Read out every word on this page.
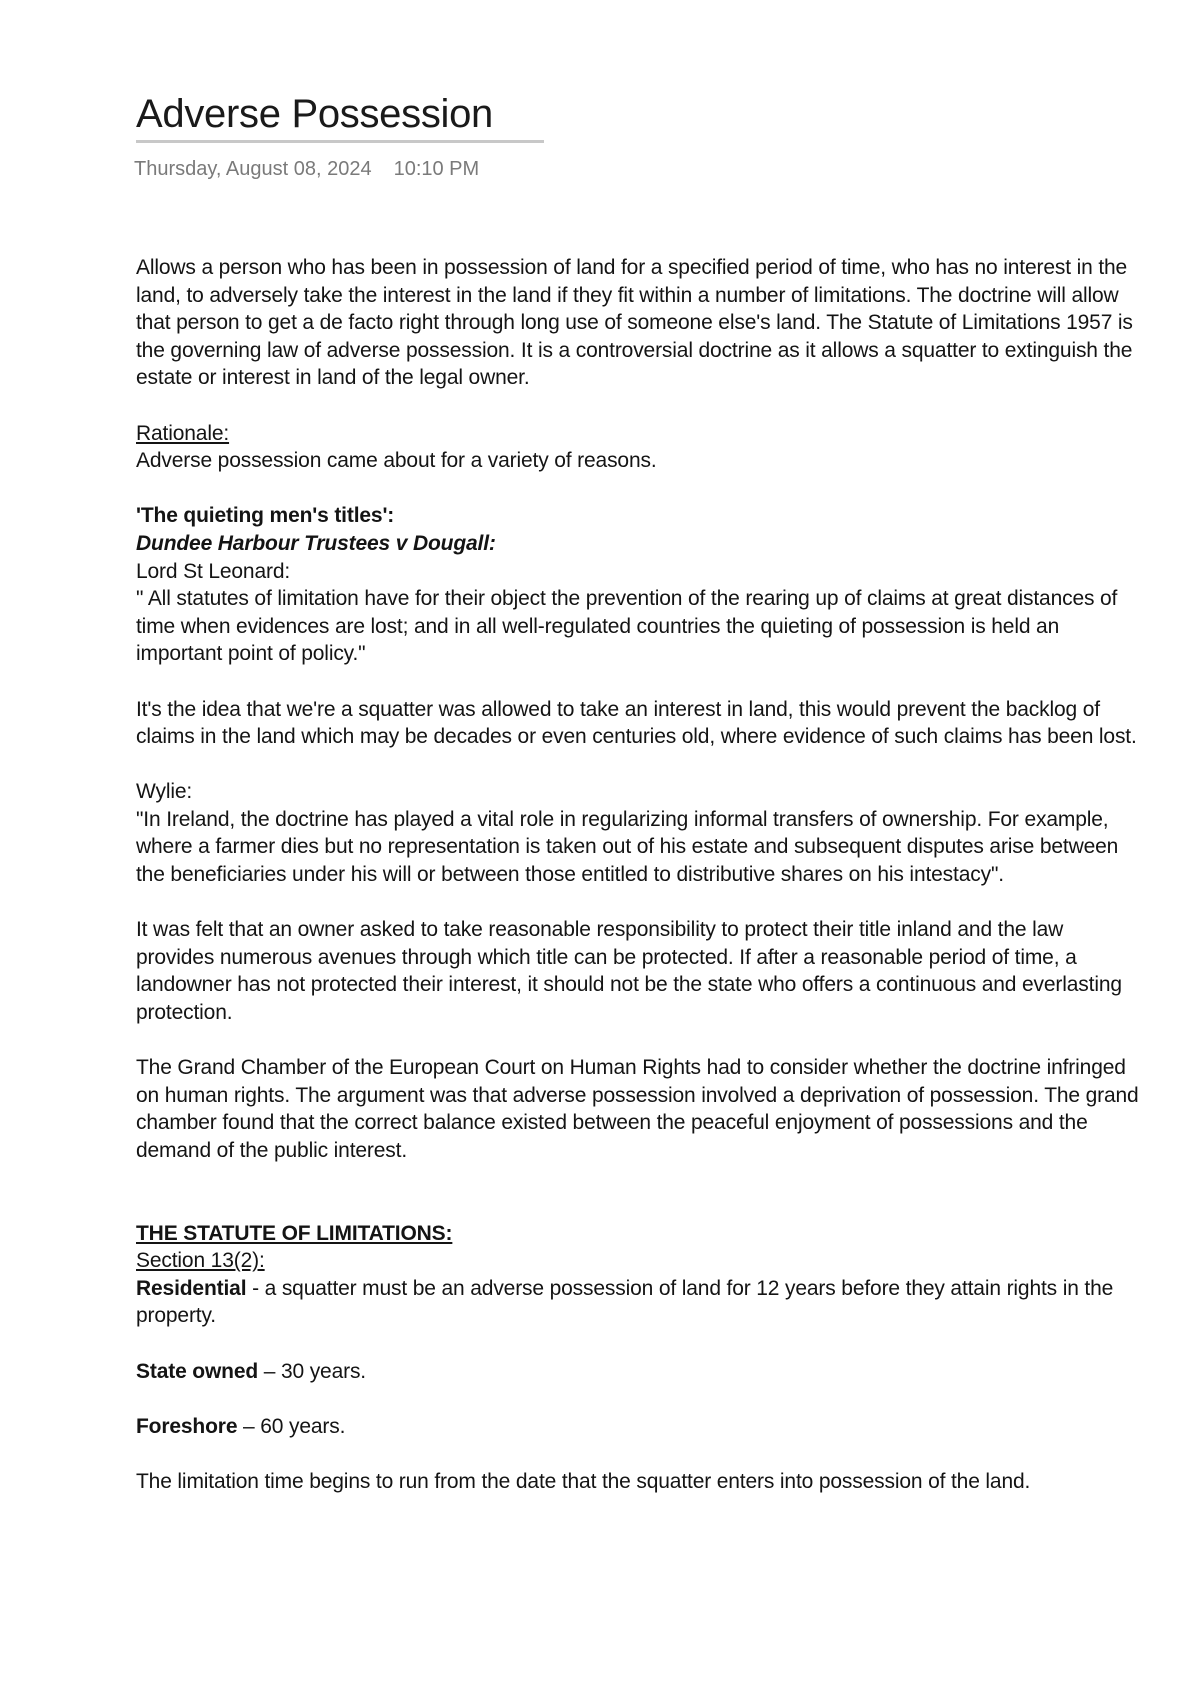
Adverse Possession
Thursday, August 08, 2024 10:10 PM

Allows a person who has been in possession of land for a specified period of time, who has no interest in the land, to adversely take the interest in the land if they fit within a number of limitations. The doctrine will allow that person to get a de facto right through long use of someone else's land. The Statute of Limitations 1957 is the governing law of adverse possession. It is a controversial doctrine as it allows a squatter to extinguish the estate or interest in land of the legal owner.

Rationale:

Adverse possession came about for a variety of reasons.

'The quieting men's titles':

Dundee Harbour Trustees v Dougall:

Lord St Leonard:

" All statutes of limitation have for their object the prevention of the rearing up of claims at great distances of time when evidences are lost; and in all well-regulated countries the quieting of possession is held an important point of policy."

It's the idea that we're a squatter was allowed to take an interest in land, this would prevent the backlog of claims in the land which may be decades or even centuries old, where evidence of such claims has been lost.

Wylie:

"In Ireland, the doctrine has played a vital role in regularizing informal transfers of ownership. For example, where a farmer dies but no representation is taken out of his estate and subsequent disputes arise between the beneficiaries under his will or between those entitled to distributive shares on his intestacy".

It was felt that an owner asked to take reasonable responsibility to protect their title inland and the law provides numerous avenues through which title can be protected. If after a reasonable period of time, a landowner has not protected their interest, it should not be the state who offers a continuous and everlasting protection.

The Grand Chamber of the European Court on Human Rights had to consider whether the doctrine infringed on human rights. The argument was that adverse possession involved a deprivation of possession. The grand chamber found that the correct balance existed between the peaceful enjoyment of possessions and the demand of the public interest.

THE STATUTE OF LIMITATIONS:

Section 13(2):

Residential - a squatter must be an adverse possession of land for 12 years before they attain rights in the property.

State owned – 30 years.

Foreshore – 60 years.

The limitation time begins to run from the date that the squatter enters into possession of the land.
